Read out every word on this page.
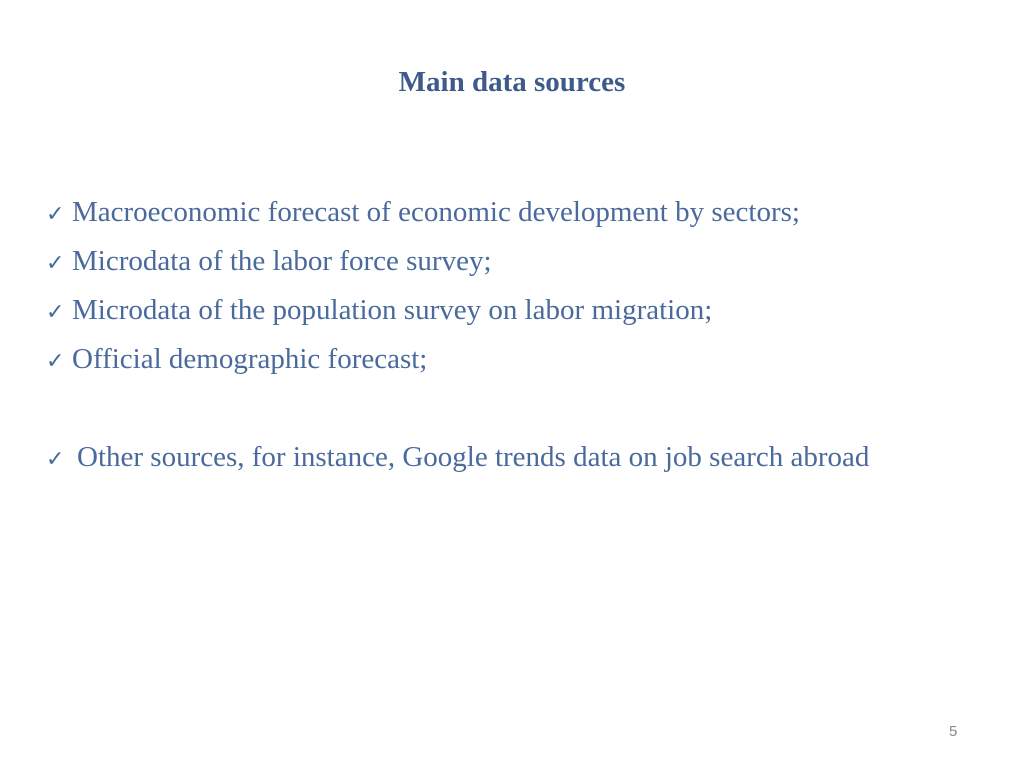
Main data sources
✓ Macroeconomic forecast of economic development by sectors;
✓ Microdata of the labor force survey;
✓ Microdata of the population survey on labor migration;
✓ Official demographic forecast;
✓ Other sources, for instance, Google trends data on job search abroad
5
